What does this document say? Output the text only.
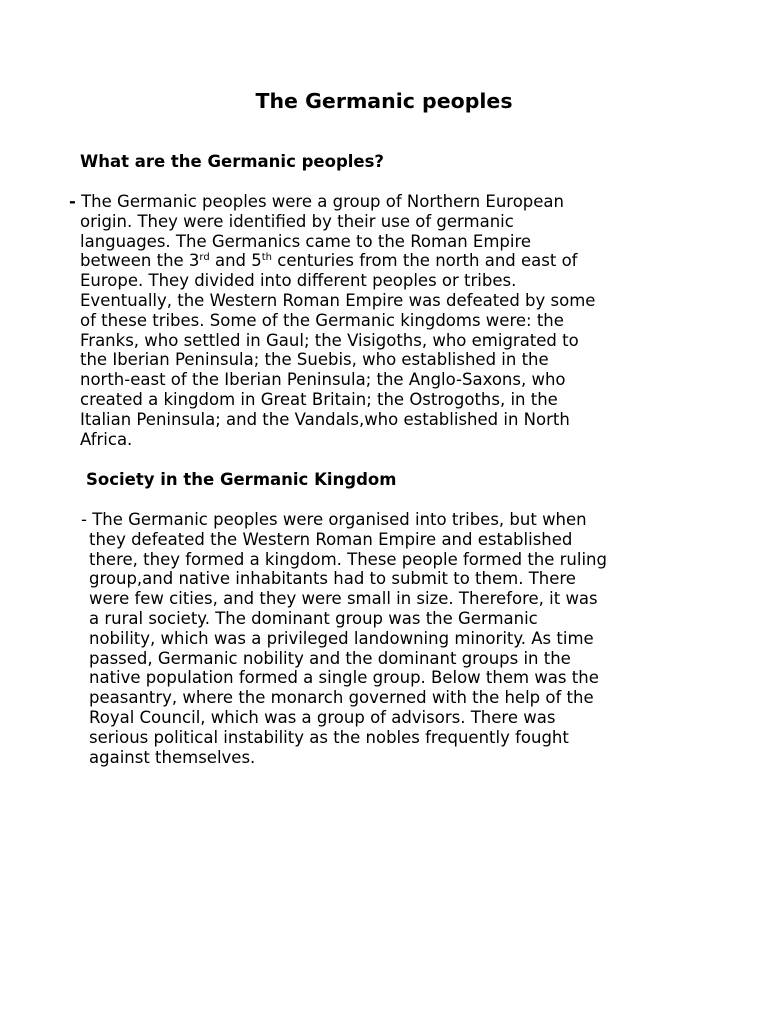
The Germanic peoples
What are the Germanic peoples?
- The Germanic peoples were a group of Northern European
origin. They were identified by their use of germanic
languages. The Germanics came to the Roman Empire
between the 3rd and 5th centuries from the north and east of
Europe. They divided into different peoples or tribes.
Eventually, the Western Roman Empire was defeated by some
of these tribes. Some of the Germanic kingdoms were: the
Franks, who settled in Gaul; the Visigoths, who emigrated to
the Iberian Peninsula; the Suebis, who established in the
north-east of the Iberian Peninsula; the Anglo-Saxons, who
created a kingdom in Great Britain; the Ostrogoths, in the
Italian Peninsula; and the Vandals,who established in North
Africa.
Society in the Germanic Kingdom
- The Germanic peoples were organised into tribes, but when
they defeated the Western Roman Empire and established
there, they formed a kingdom. These people formed the ruling
group,and native inhabitants had to submit to them. There
were few cities, and they were small in size. Therefore, it was
a rural society. The dominant group was the Germanic
nobility, which was a privileged landowning minority. As time
passed, Germanic nobility and the dominant groups in the
native population formed a single group. Below them was the
peasantry, where the monarch governed with the help of the
Royal Council, which was a group of advisors. There was
serious political instability as the nobles frequently fought
against themselves.
